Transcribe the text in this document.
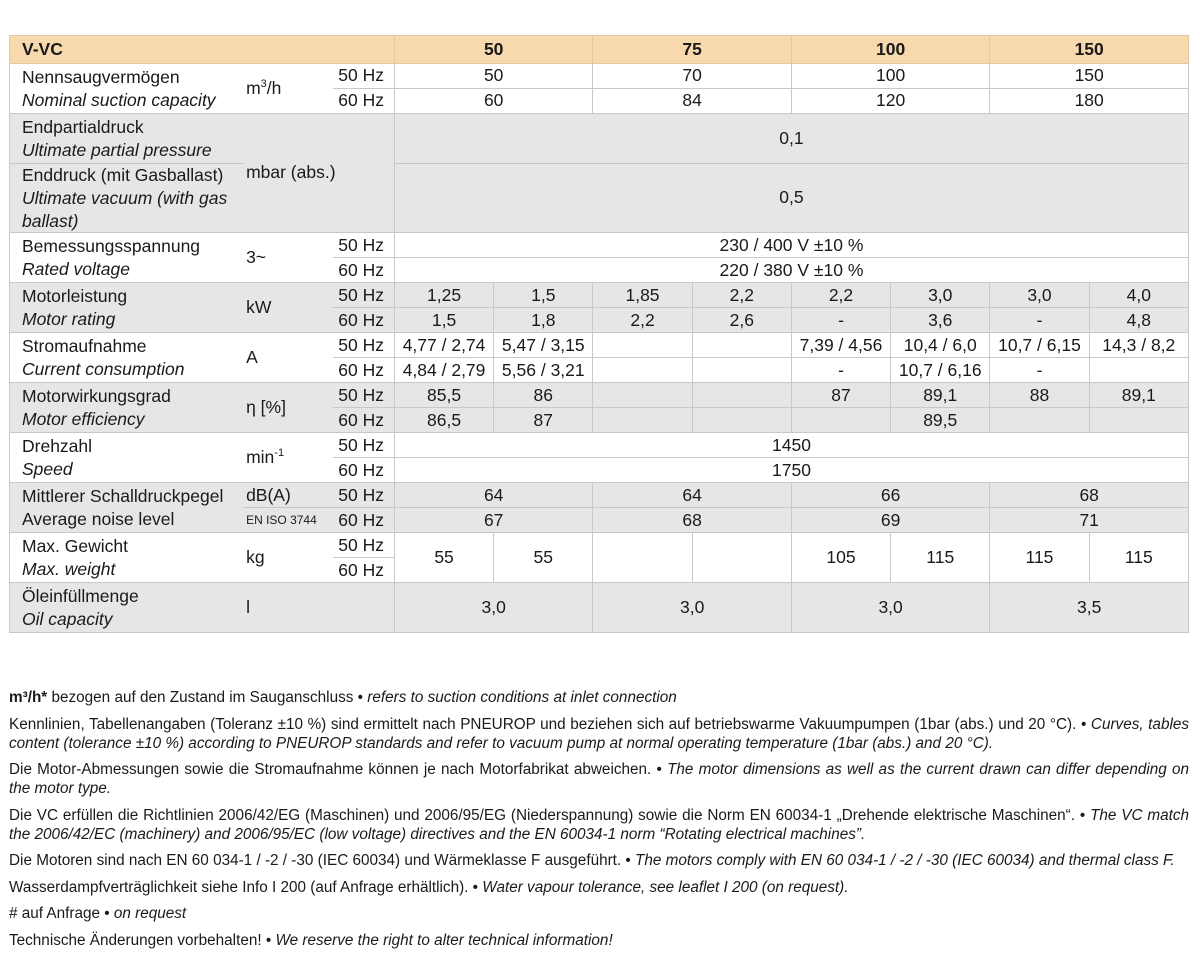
V-VC			50		75		100		150	

Nennsaugvermögen
Nominal suction capacity	$m^3/h$	50 Hz	50		70		100		150	
		60 Hz	60		84		120		180	

Endpartialdruck
Ultimate partial pressure	mbar (abs.)		0,1							

Enddruck (mit Gasballast)
Ultimate vacuum (with gas ballast)			0,5							

Bemessungsspannung
Rated voltage	3~	50 Hz	230 / 400 V ±10 %							
		60 Hz	220 / 380 V ±10 %							

Motorleistung
Motor rating	kW	50 Hz	1,25	1,5	1,85	2,2	2,2	3,0	3,0	4,0
		60 Hz	1,5	1,8	2,2	2,6	-	3,6	-	4,8

Stromaufnahme
Current consumption	A	50 Hz	4,77 / 2,74	5,47 / 3,15			7,39 / 4,56	10,4 / 6,0	10,7 / 6,15	14,3 / 8,2
		60 Hz	4,84 / 2,79	5,56 / 3,21			-	10,7 / 6,16	-	

Motorwirkungsgrad
Motor efficiency	η [%]	50 Hz	85,5	86			87	89,1	88	89,1
		60 Hz	86,5	87				89,5		

Drehzahl
Speed	$\min^{-1}$	50 Hz	1450							
		60 Hz	1750							

Mittlerer Schalldruckpegel
Average noise level	dB(A)	50 Hz	64		64		66		68	
	EN ISO 3744	60 Hz	67		68		69		71	

Max. Gewicht
Max. weight	kg	50 Hz	55	55			105	115	115	115
		60 Hz								

Öleinfüllmenge
Oil capacity	l		3,0		3,0		3,0		3,5	

m³/h* bezogen auf den Zustand im Sauganschluss • refers to suction conditions at inlet connection

Kennlinien, Tabellenangaben (Toleranz ±10 %) sind ermittelt nach PNEUROP und beziehen sich auf betriebswarme Vakuumpumpen (1bar (abs.) und 20 °C). • Curves, tables content (tolerance ±10 %) according to PNEUROP standards and refer to vacuum pump at normal operating temperature (1bar (abs.) and 20 °C).

Die Motor-Abmessungen sowie die Stromaufnahme können je nach Motorfabrikat abweichen. • The motor dimensions as well as the current drawn can differ depending on the motor type.

Die VC erfüllen die Richtlinien 2006/42/EG (Maschinen) und 2006/95/EG (Niederspannung) sowie die Norm EN 60034-1 „Drehende elektrische Maschinen“. • The VC match the 2006/42/EC (machinery) and 2006/95/EC (low voltage) directives and the EN 60034-1 norm “Rotating electrical machines”.

Die Motoren sind nach EN 60 034-1 / -2 / -30 (IEC 60034) und Wärmeklasse F ausgeführt. • The motors comply with EN 60 034-1 / -2 / -30 (IEC 60034) and thermal class F.

Wasserdampfverträglichkeit siehe Info I 200 (auf Anfrage erhältlich). • Water vapour tolerance, see leaflet I 200 (on request).

# auf Anfrage • on request

Technische Änderungen vorbehalten! • We reserve the right to alter technical information!
